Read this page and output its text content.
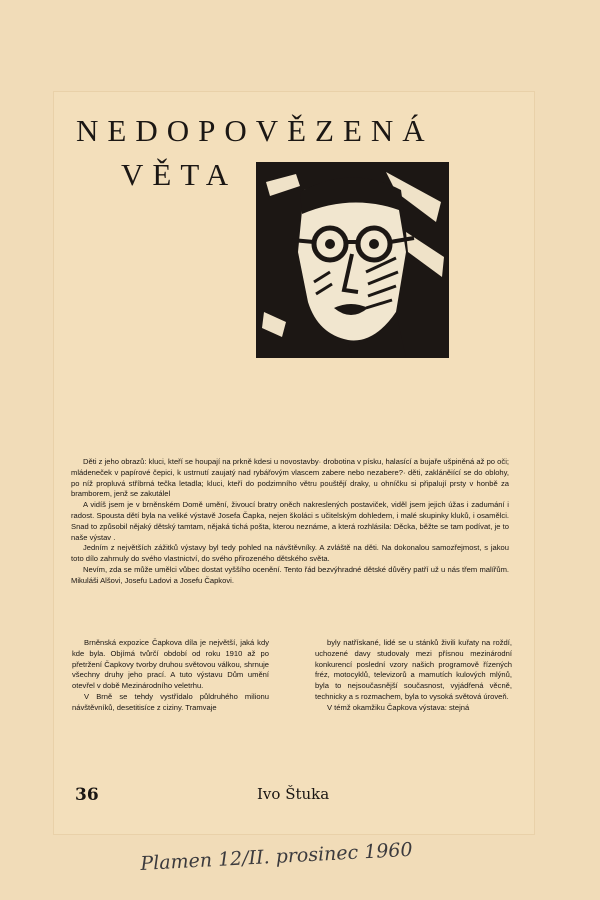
NEDOPOVĚZENÁ
VĚTA

Děti z jeho obrazů: kluci, kteří se houpají na prkně kdesi u novostavby· drobotina v písku, halasící a bujaře ušpiněná až po oči; mládeneček v papírové čepici, k ustrnutí zaujatý nad rybářovým vlascem zabere nebo nezabere?· děti, zakláněiící se do oblohy, po níž propluvá stříbrná tečka letadla; kluci, kteří do podzimního větru pouštějí draky, u ohníčku si připalují prsty v honbě za bramborem, jenž se zakutálel

A vidíš jsem je v brněnském Domě umění, živoucí bratry oněch nakreslených postaviček, viděl jsem jejich úžas i zadumání i radost. Spousta dětí byla na veliké výstavě Josefa Čapka, nejen školáci s učitelským dohledem, i malé skupinky kluků, i osamělci. Snad to způsobil nějaký dětský tamtam, nějaká tichá pošta, kterou neznáme, a která rozhlásila: Děcka, běžte se tam podívat, je to naše výstav .

Jedním z největších zážitků výstavy byl tedy pohled na návštěvníky. A zvláště na děti. Na dokonalou samozřejmost, s jakou toto dílo zahrnuly do svého vlastnictví, do svého přirozeného dětského světa.

Nevím, zda se může umělci vůbec dostat vyššího ocenění. Tento řád bezvýhradné dětské důvěry patří už u nás třem malířům. Mikuláši Alšovi, Josefu Ladovi a Josefu Čapkovi.

Brněnská expozice Čapkova díla je největší, jaká kdy kde byla. Objímá tvůrčí období od roku 1910 až po přetržení Čapkovy tvorby druhou světovou válkou, shrnuje všechny druhy jeho prací. A tuto výstavu Dům umění otevřel v době Mezinárodního veletrhu.

V Brně se tehdy vystřídalo půldruhého milionu návštěvníků, desetitisíce z ciziny. Tramvaje

byly natřískané, lidé se u stánků živili kuřaty na roždí, uchozené davy studovaly mezi přísnou mezinárodní konkurencí poslední vzory našich programově řízených fréz, motocyklů, televizorů a mamutích kulových mlýnů, byla to nejsoučasnější současnost, vyjádřená věcně, technicky a s rozmachem, byla to vysoká světová úroveň.

V témž okamžiku Čapkova výstava: stejná

36	Ivo Štuka
Plamen 12/II. prosinec 1960
